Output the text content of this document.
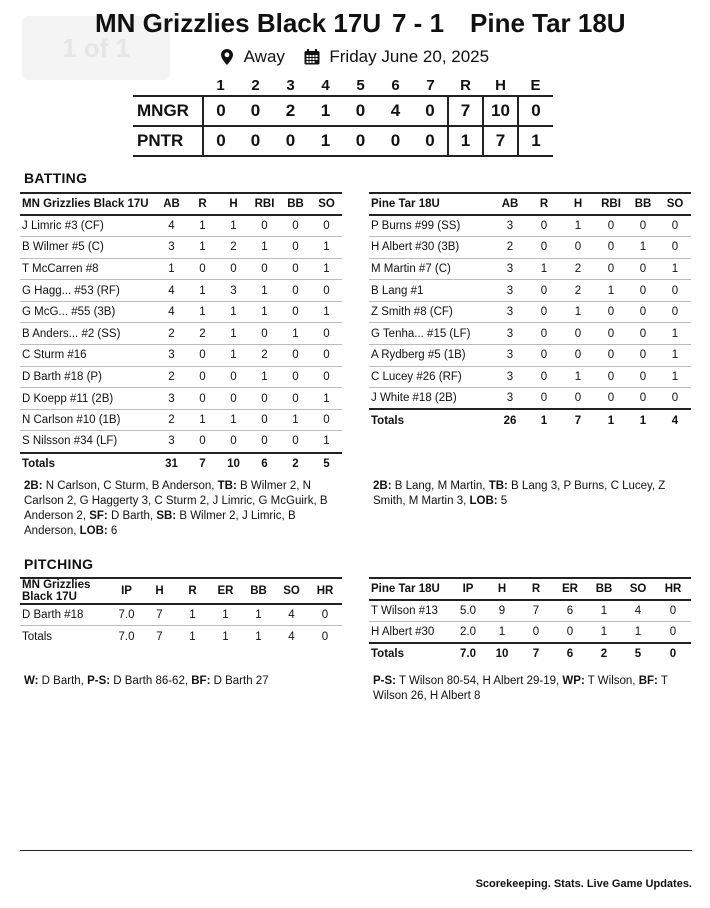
1 of 1
MN Grizzlies Black 17U 7 - 1 Pine Tar 18U
Away	Friday June 20, 2025
	1	2	3	4	5	6	7	R	H	E
MNGR	0	0	2	1	0	4	0	7	10	0
PNTR	0	0	0	1	0	0	0	1	7	1
BATTING
MN Grizzlies Black 17U	AB	R	H	RBI	BB	SO
J Limric #3 (CF)	4	1	1	0	0	0
B Wilmer #5 (C)	3	1	2	1	0	1
T McCarren #8	1	0	0	0	0	1
G Hagg... #53 (RF)	4	1	3	1	0	0
G McG... #55 (3B)	4	1	1	1	0	1
B Anders... #2 (SS)	2	2	1	0	1	0
C Sturm #16	3	0	1	2	0	0
D Barth #18 (P)	2	0	0	1	0	0
D Koepp #11 (2B)	3	0	0	0	0	1
N Carlson #10 (1B)	2	1	1	0	1	0
S Nilsson #34 (LF)	3	0	0	0	0	1
Totals	31	7	10	6	2	5
Pine Tar 18U	AB	R	H	RBI	BB	SO
P Burns #99 (SS)	3	0	1	0	0	0
H Albert #30 (3B)	2	0	0	0	1	0
M Martin #7 (C)	3	1	2	0	0	1
B Lang #1	3	0	2	1	0	0
Z Smith #8 (CF)	3	0	1	0	0	0
G Tenha... #15 (LF)	3	0	0	0	0	1
A Rydberg #5 (1B)	3	0	0	0	0	1
C Lucey #26 (RF)	3	0	1	0	0	1
J White #18 (2B)	3	0	0	0	0	0
Totals	26	1	7	1	1	4
2B: N Carlson, C Sturm, B Anderson, TB: B Wilmer 2, N Carlson 2, G Haggerty 3, C Sturm 2, J Limric, G McGuirk, B Anderson 2, SF: D Barth, SB: B Wilmer 2, J Limric, B Anderson, LOB: 6
2B: B Lang, M Martin, TB: B Lang 3, P Burns, C Lucey, Z Smith, M Martin 3, LOB: 5
PITCHING
MN Grizzlies Black 17U	IP	H	R	ER	BB	SO	HR
D Barth #18	7.0	7	1	1	1	4	0
Totals	7.0	7	1	1	1	4	0
Pine Tar 18U	IP	H	R	ER	BB	SO	HR
T Wilson #13	5.0	9	7	6	1	4	0
H Albert #30	2.0	1	0	0	1	1	0
Totals	7.0	10	7	6	2	5	0
W: D Barth, P-S: D Barth 86-62, BF: D Barth 27	P-S: T Wilson 80-54, H Albert 29-19, WP: T Wilson, BF: T Wilson 26, H Albert 8
Scorekeeping. Stats. Live Game Updates.
